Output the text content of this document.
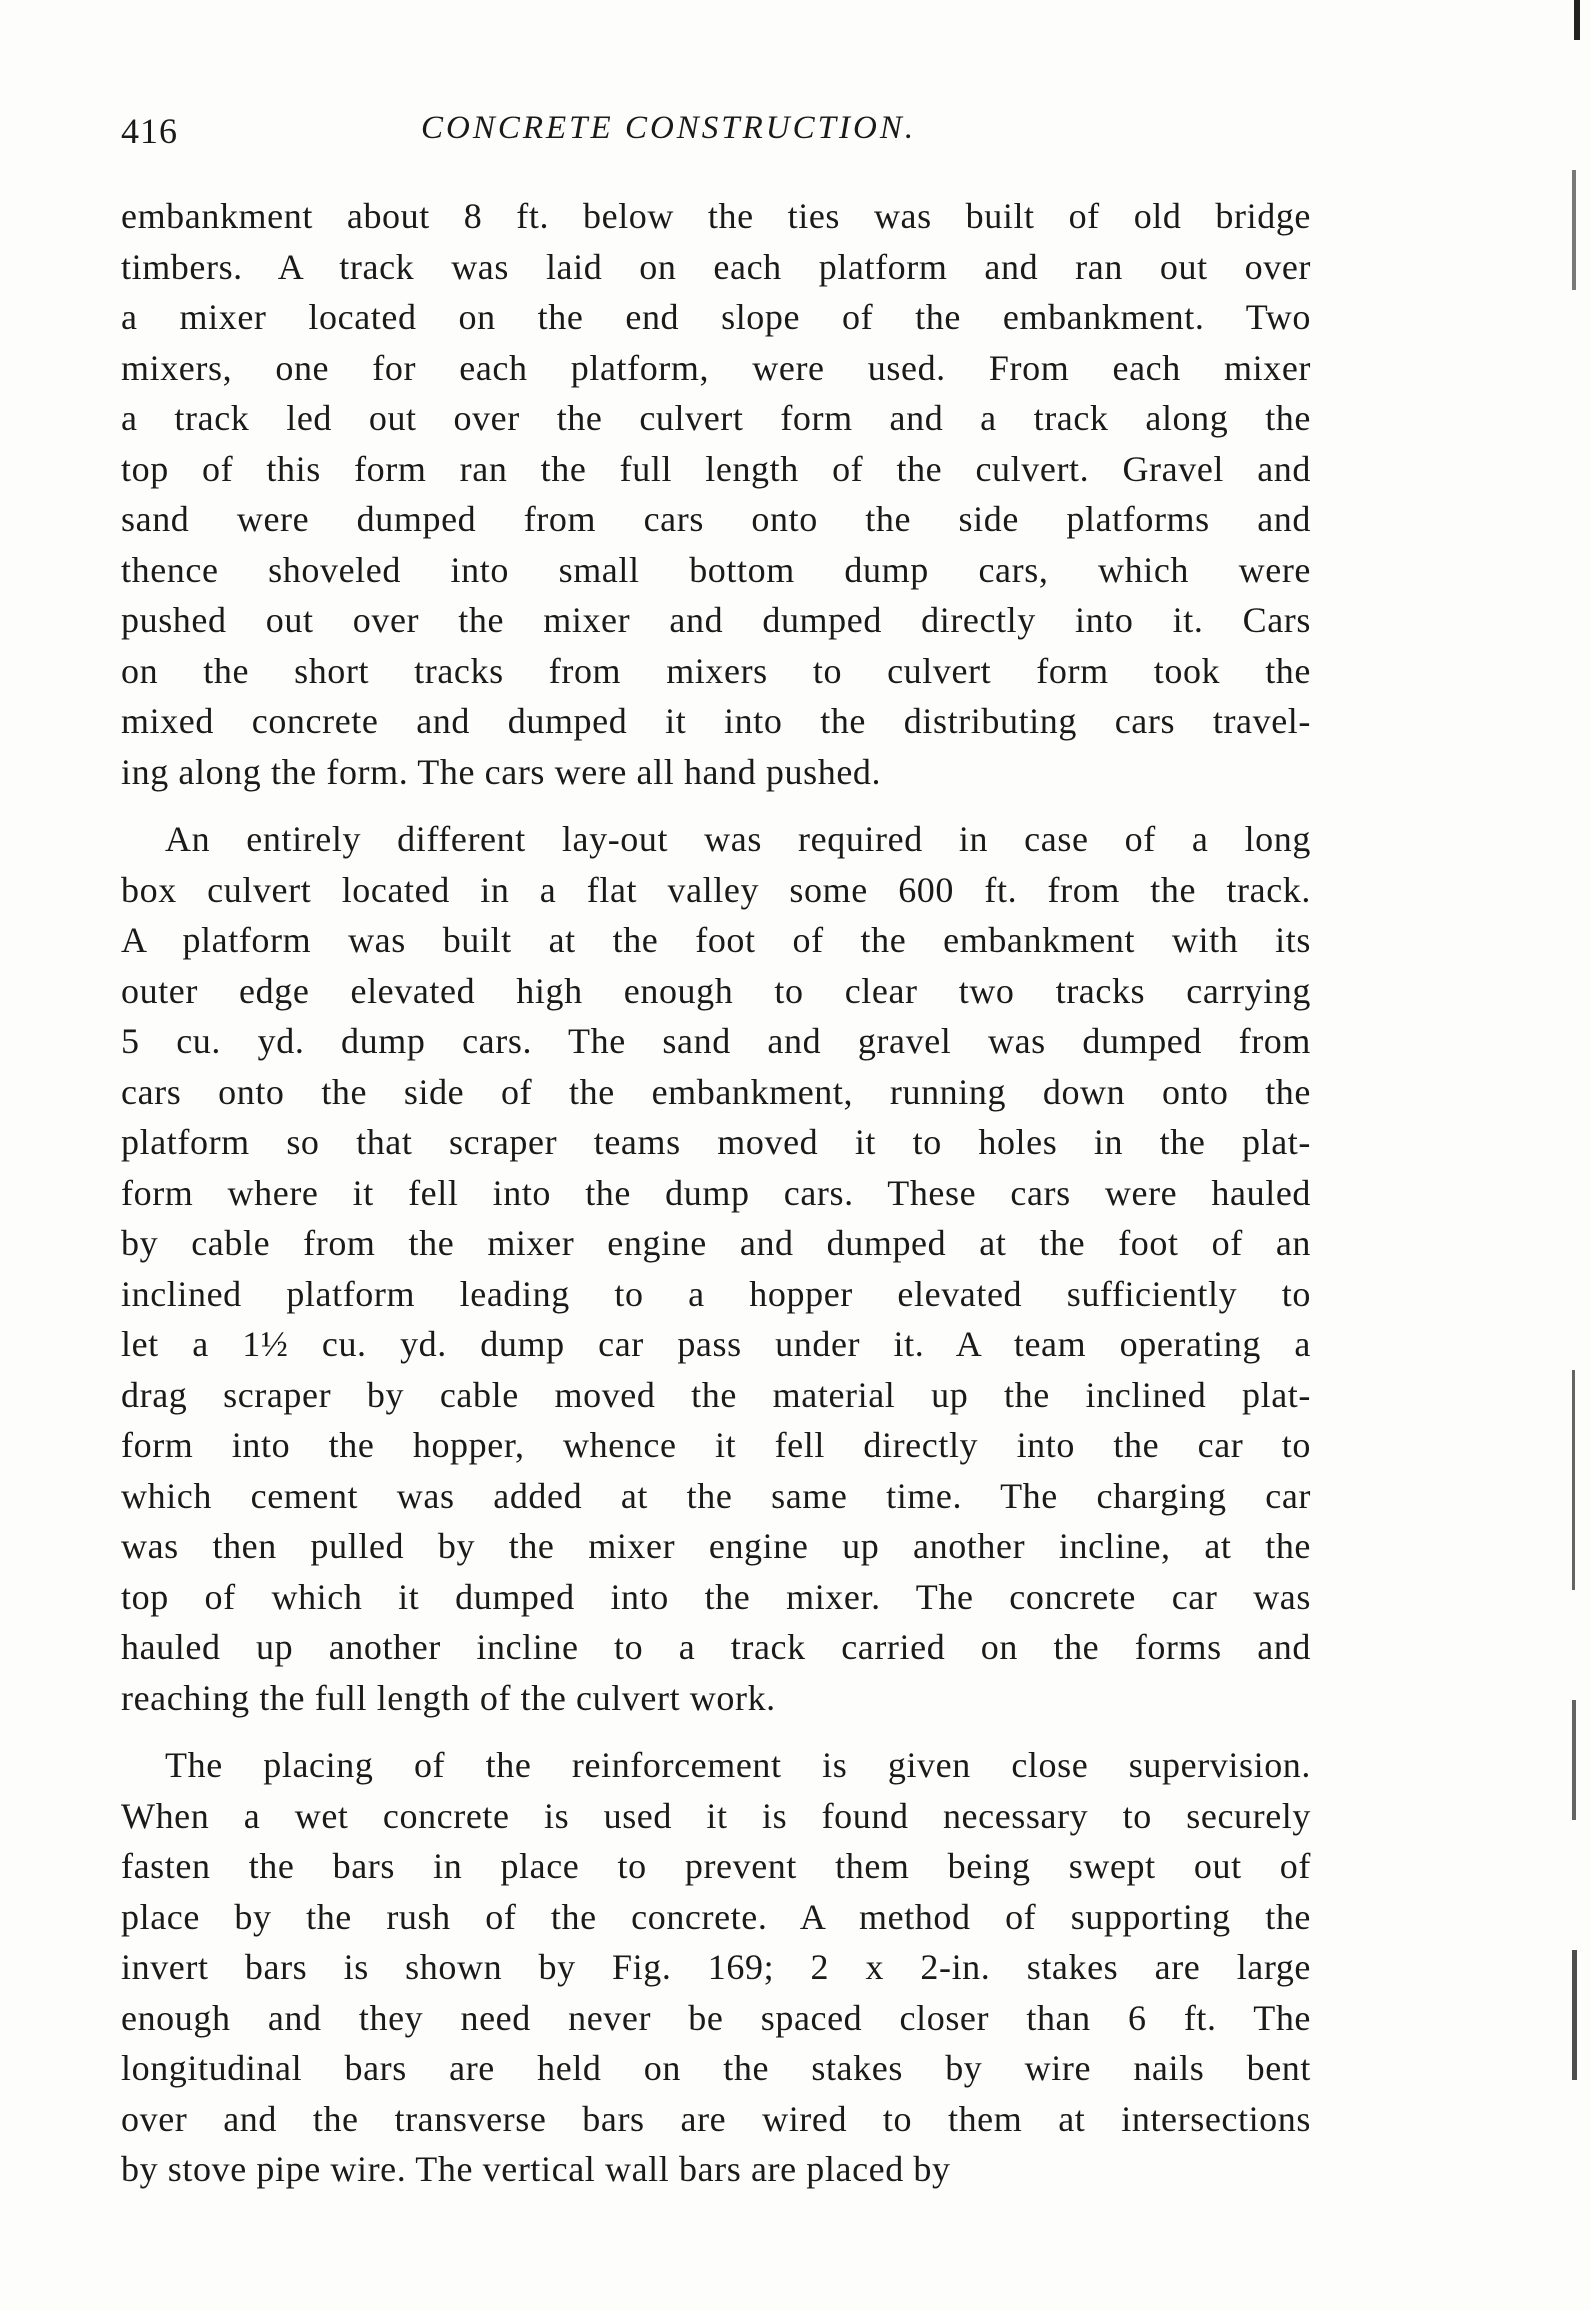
416	CONCRETE CONSTRUCTION.
embankment about 8 ft. below the ties was built of old bridge
timbers. A track was laid on each platform and ran out over
a mixer located on the end slope of the embankment. Two
mixers, one for each platform, were used. From each mixer
a track led out over the culvert form and a track along the
top of this form ran the full length of the culvert. Gravel and
sand were dumped from cars onto the side platforms and
thence shoveled into small bottom dump cars, which were
pushed out over the mixer and dumped directly into it. Cars
on the short tracks from mixers to culvert form took the
mixed concrete and dumped it into the distributing cars travel-
ing along the form. The cars were all hand pushed.
An entirely different lay-out was required in case of a long
box culvert located in a flat valley some 600 ft. from the track.
A platform was built at the foot of the embankment with its
outer edge elevated high enough to clear two tracks carrying
5 cu. yd. dump cars. The sand and gravel was dumped from
cars onto the side of the embankment, running down onto the
platform so that scraper teams moved it to holes in the plat-
form where it fell into the dump cars. These cars were hauled
by cable from the mixer engine and dumped at the foot of an
inclined platform leading to a hopper elevated sufficiently to
let a 1½ cu. yd. dump car pass under it. A team operating a
drag scraper by cable moved the material up the inclined plat-
form into the hopper, whence it fell directly into the car to
which cement was added at the same time. The charging car
was then pulled by the mixer engine up another incline, at the
top of which it dumped into the mixer. The concrete car was
hauled up another incline to a track carried on the forms and
reaching the full length of the culvert work.
The placing of the reinforcement is given close supervision.
When a wet concrete is used it is found necessary to securely
fasten the bars in place to prevent them being swept out of
place by the rush of the concrete. A method of supporting the
invert bars is shown by Fig. 169; 2 x 2-in. stakes are large
enough and they need never be spaced closer than 6 ft. The
longitudinal bars are held on the stakes by wire nails bent
over and the transverse bars are wired to them at intersections
by stove pipe wire. The vertical wall bars are placed by
